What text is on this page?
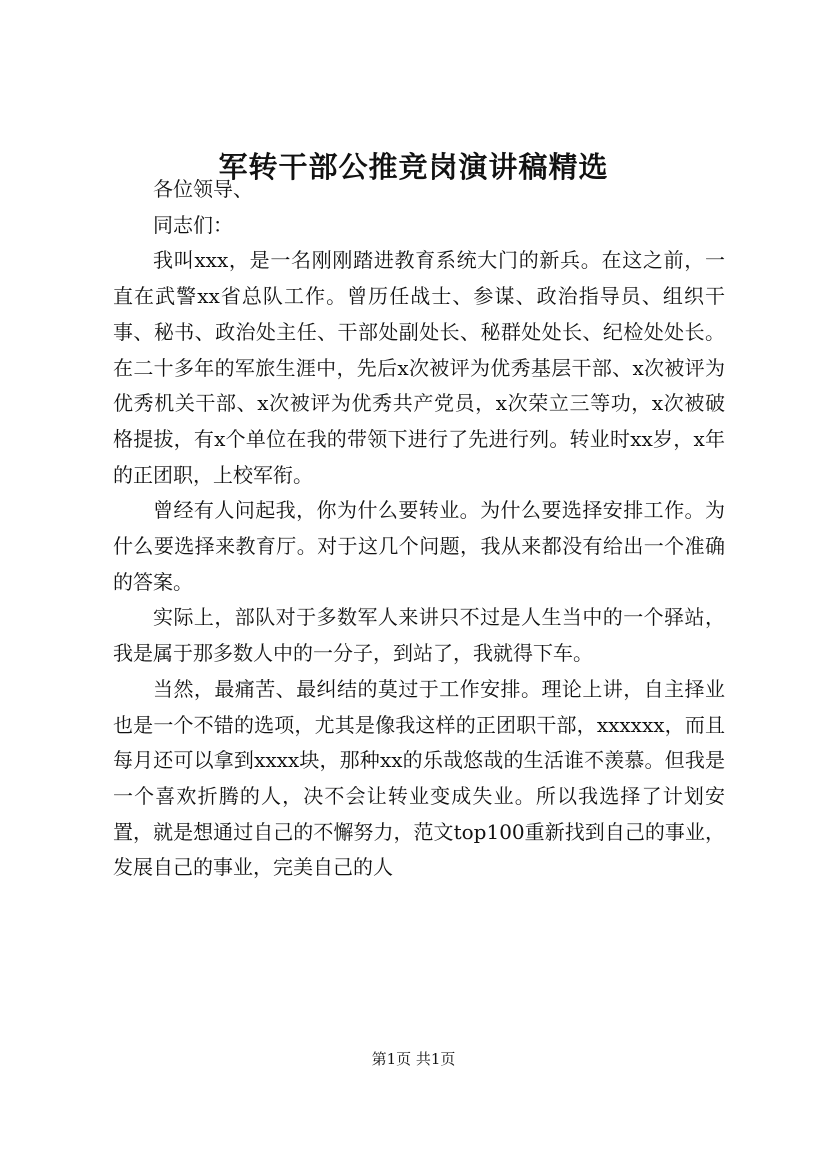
军转干部公推竞岗演讲稿精选

各位领导、

同志们：

我叫xxx，是一名刚刚踏进教育系统大门的新兵。在这之前，一直在武警xx省总队工作。曾历任战士、参谋、政治指导员、组织干事、秘书、政治处主任、干部处副处长、秘群处处长、纪检处处长。在二十多年的军旅生涯中，先后x次被评为优秀基层干部、x次被评为优秀机关干部、x次被评为优秀共产党员，x次荣立三等功，x次被破格提拔，有x个单位在我的带领下进行了先进行列。转业时xx岁，x年的正团职，上校军衔。

曾经有人问起我，你为什么要转业。为什么要选择安排工作。为什么要选择来教育厅。对于这几个问题，我从来都没有给出一个准确的答案。

实际上，部队对于多数军人来讲只不过是人生当中的一个驿站，我是属于那多数人中的一分子，到站了，我就得下车。

当然，最痛苦、最纠结的莫过于工作安排。理论上讲，自主择业也是一个不错的选项，尤其是像我这样的正团职干部，xxxxxx，而且每月还可以拿到xxxx块，那种xx的乐哉悠哉的生活谁不羡慕。但我是一个喜欢折腾的人，决不会让转业变成失业。所以我选择了计划安置，就是想通过自己的不懈努力，范文top100重新找到自己的事业，发展自己的事业，完美自己的人

第1页 共1页
